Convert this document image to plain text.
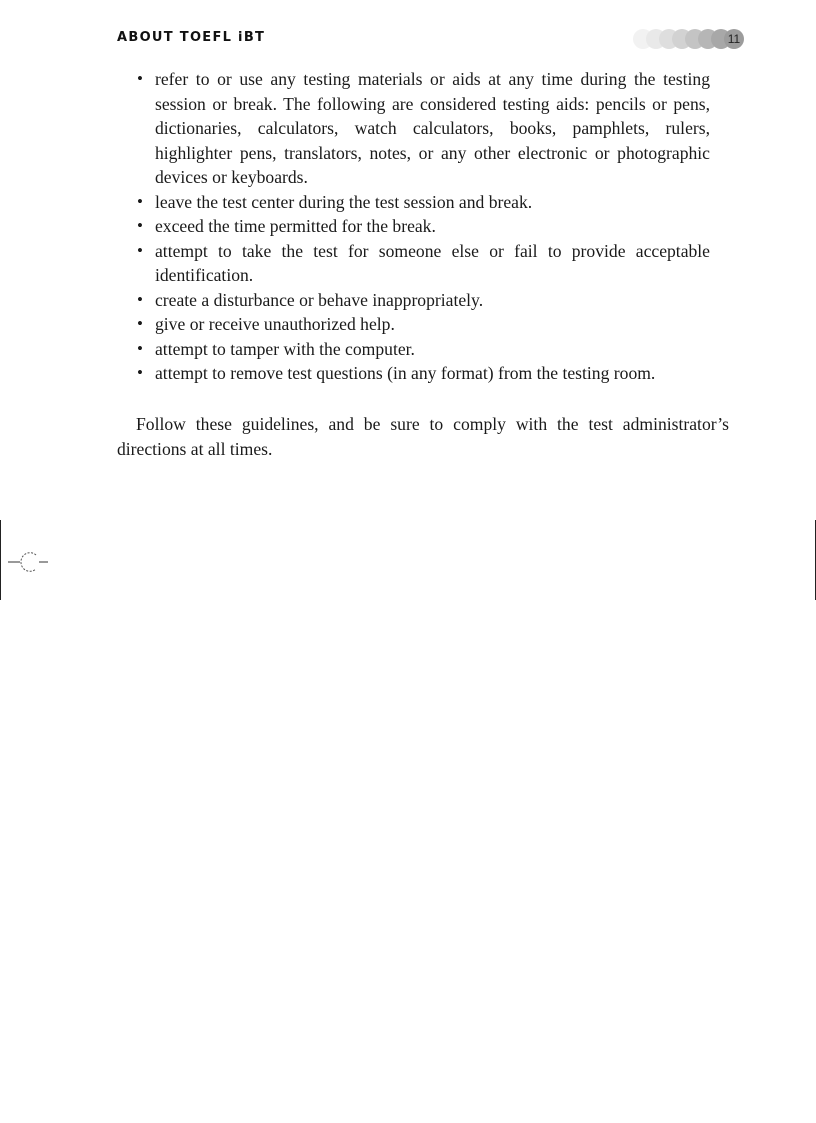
ABOUT TOEFL iBT	11
• refer to or use any testing materials or aids at any time during the testing session or break. The following are considered testing aids: pencils or pens, dictionaries, calculators, watch calculators, books, pamphlets, rulers, highlighter pens, translators, notes, or any other electronic or photographic devices or keyboards.
• leave the test center during the test session and break.
• exceed the time permitted for the break.
• attempt to take the test for someone else or fail to provide acceptable identification.
• create a disturbance or behave inappropriately.
• give or receive unauthorized help.
• attempt to tamper with the computer.
• attempt to remove test questions (in any format) from the testing room.

Follow these guidelines, and be sure to comply with the test administrator’s directions at all times.
